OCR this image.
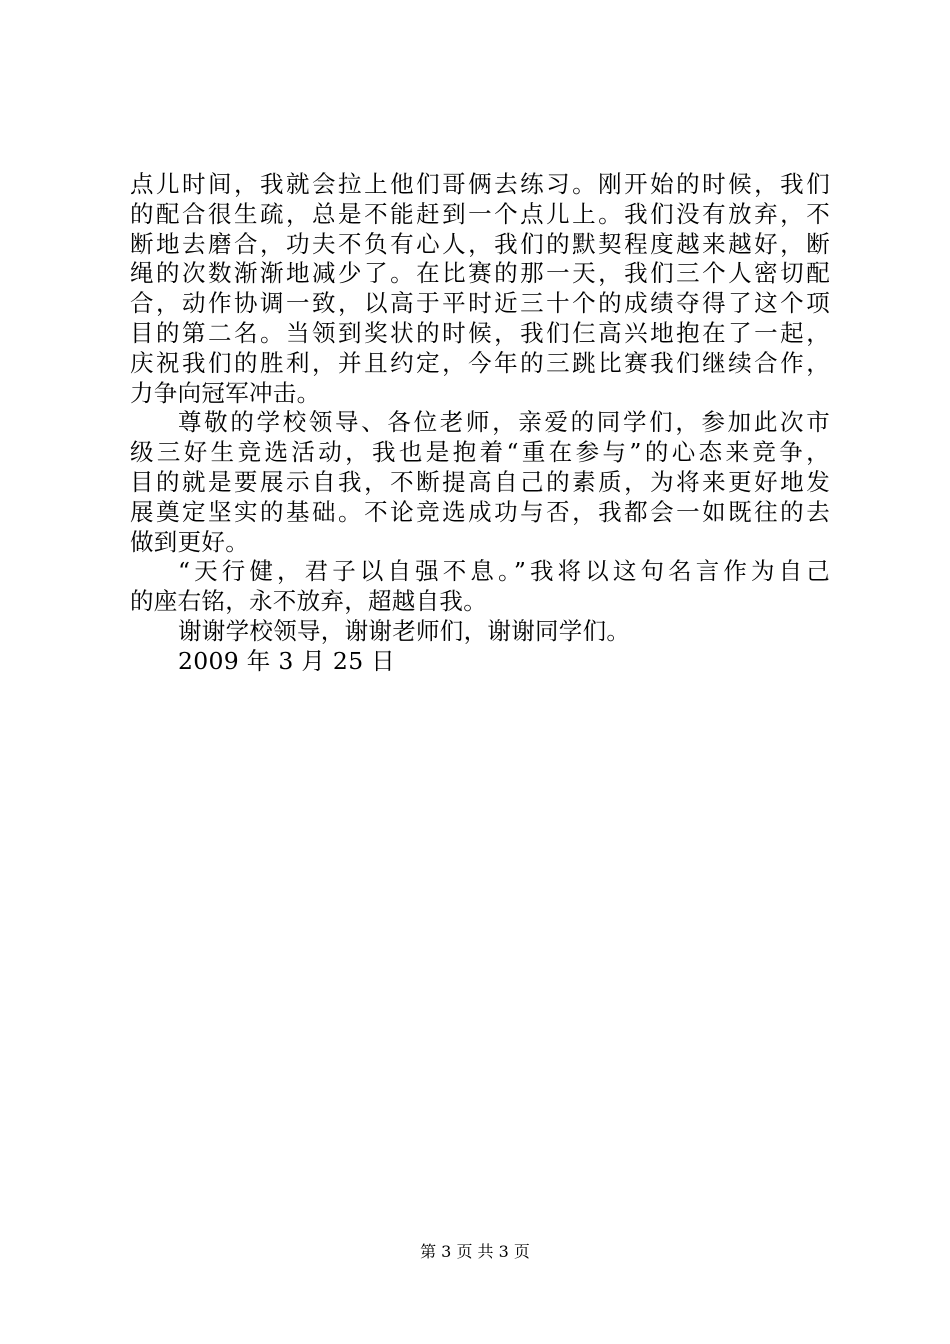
点儿时间，我就会拉上他们哥俩去练习。刚开始的时候，我们
的配合很生疏，总是不能赶到一个点儿上。我们没有放弃，不
断地去磨合，功夫不负有心人，我们的默契程度越来越好，断
绳的次数渐渐地减少了。在比赛的那一天，我们三个人密切配
合，动作协调一致，以高于平时近三十个的成绩夺得了这个项
目的第二名。当领到奖状的时候，我们仨高兴地抱在了一起，
庆祝我们的胜利，并且约定，今年的三跳比赛我们继续合作，
力争向冠军冲击。
尊敬的学校领导、各位老师，亲爱的同学们，参加此次市
级三好生竞选活动，我也是抱着“重在参与”的心态来竞争，
目的就是要展示自我，不断提高自己的素质，为将来更好地发
展奠定坚实的基础。不论竞选成功与否，我都会一如既往的去
做到更好。
“天行健，君子以自强不息。”我将以这句名言作为自己
的座右铭，永不放弃，超越自我。
谢谢学校领导，谢谢老师们，谢谢同学们。
2009 年 3 月 25 日
第 3 页 共 3 页
